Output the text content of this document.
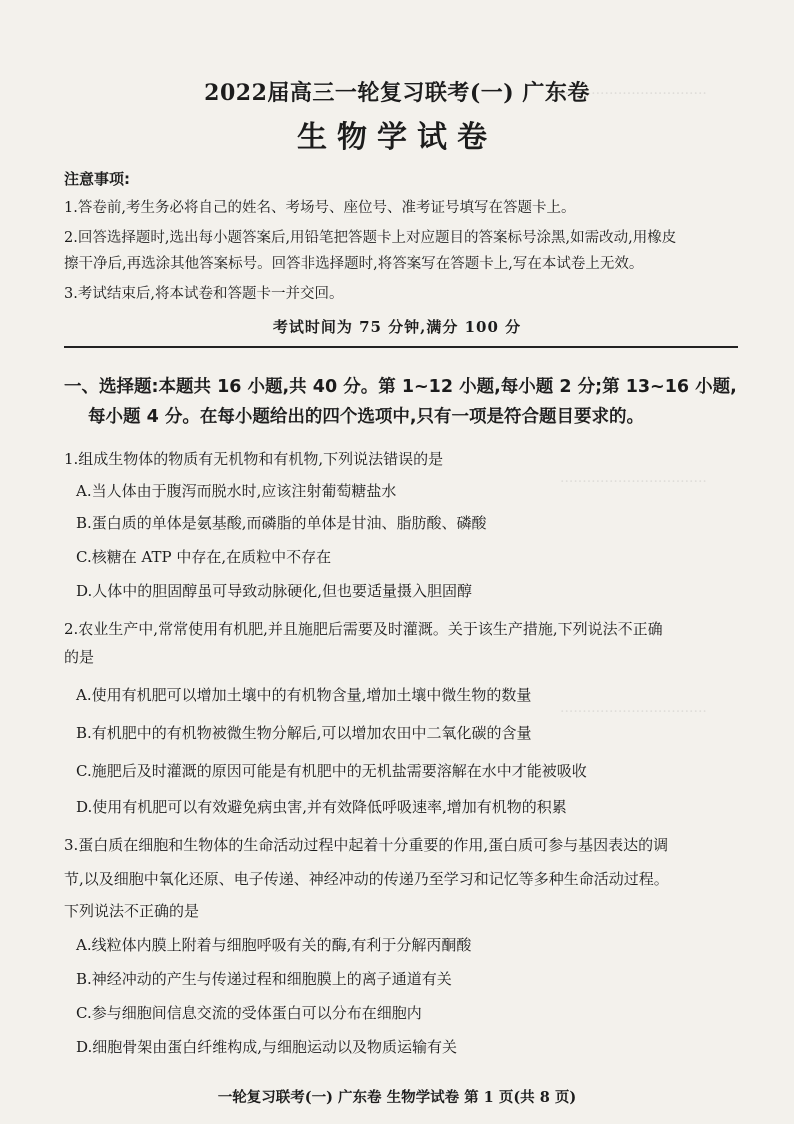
.................................
.................................
.................................
2022届高三一轮复习联考(一) 广东卷
生物学试卷
注意事项:
1.答卷前,考生务必将自己的姓名、考场号、座位号、准考证号填写在答题卡上。
2.回答选择题时,选出每小题答案后,用铅笔把答题卡上对应题目的答案标号涂黑,如需改动,用橡皮
擦干净后,再选涂其他答案标号。回答非选择题时,将答案写在答题卡上,写在本试卷上无效。
3.考试结束后,将本试卷和答题卡一并交回。
考试时间为 75 分钟,满分 100 分
一、选择题:本题共 16 小题,共 40 分。第 1~12 小题,每小题 2 分;第 13~16 小题,
每小题 4 分。在每小题给出的四个选项中,只有一项是符合题目要求的。
1.组成生物体的物质有无机物和有机物,下列说法错误的是
A.当人体由于腹泻而脱水时,应该注射葡萄糖盐水
B.蛋白质的单体是氨基酸,而磷脂的单体是甘油、脂肪酸、磷酸
C.核糖在 ATP 中存在,在质粒中不存在
D.人体中的胆固醇虽可导致动脉硬化,但也要适量摄入胆固醇
2.农业生产中,常常使用有机肥,并且施肥后需要及时灌溉。关于该生产措施,下列说法不正确
的是
A.使用有机肥可以增加土壤中的有机物含量,增加土壤中微生物的数量
B.有机肥中的有机物被微生物分解后,可以增加农田中二氧化碳的含量
C.施肥后及时灌溉的原因可能是有机肥中的无机盐需要溶解在水中才能被吸收
D.使用有机肥可以有效避免病虫害,并有效降低呼吸速率,增加有机物的积累
3.蛋白质在细胞和生物体的生命活动过程中起着十分重要的作用,蛋白质可参与基因表达的调
节,以及细胞中氧化还原、电子传递、神经冲动的传递乃至学习和记忆等多种生命活动过程。
下列说法不正确的是
A.线粒体内膜上附着与细胞呼吸有关的酶,有利于分解丙酮酸
B.神经冲动的产生与传递过程和细胞膜上的离子通道有关
C.参与细胞间信息交流的受体蛋白可以分布在细胞内
D.细胞骨架由蛋白纤维构成,与细胞运动以及物质运输有关
一轮复习联考(一) 广东卷 生物学试卷 第 1 页(共 8 页)
